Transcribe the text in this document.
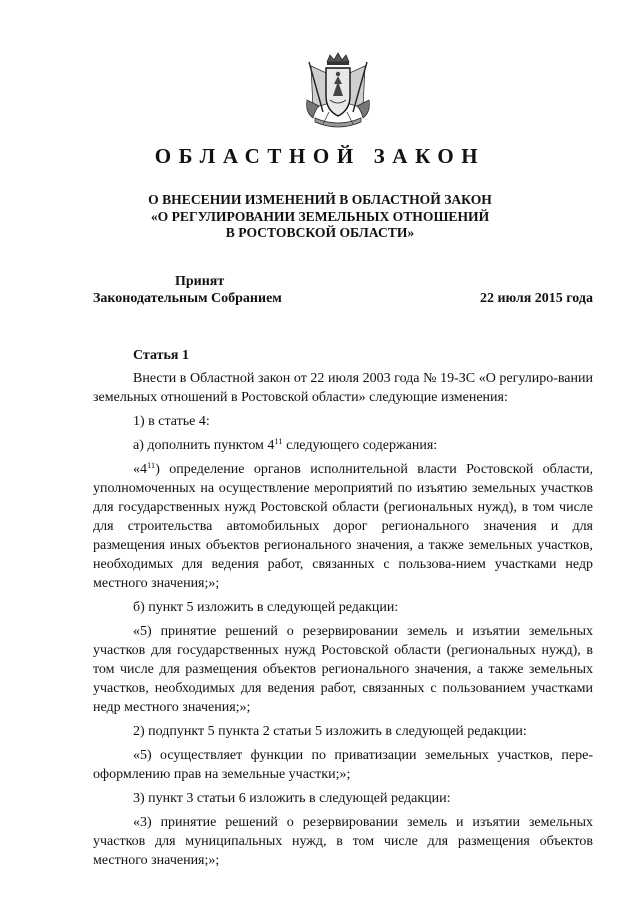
ОБЛАСТНОЙ ЗАКОН
О ВНЕСЕНИИ ИЗМЕНЕНИЙ В ОБЛАСТНОЙ ЗАКОН
«О РЕГУЛИРОВАНИИ ЗЕМЕЛЬНЫХ ОТНОШЕНИЙ
В РОСТОВСКОЙ ОБЛАСТИ»
Принят
Законодательным Собранием	22 июля 2015 года
Статья 1

Внести в Областной закон от 22 июля 2003 года № 19-ЗС «О регулиро-вании земельных отношений в Ростовской области» следующие изменения:

1) в статье 4:

а) дополнить пунктом $4^{11}$ следующего содержания:

«$4^{11}$) определение органов исполнительной власти Ростовской области, уполномоченных на осуществление мероприятий по изъятию земельных участков для государственных нужд Ростовской области (региональных нужд), в том числе для строительства автомобильных дорог регионального значения и для размещения иных объектов регионального значения, а также земельных участков, необходимых для ведения работ, связанных с пользова-нием участками недр местного значения;»;

б) пункт 5 изложить в следующей редакции:

«5) принятие решений о резервировании земель и изъятии земельных участков для государственных нужд Ростовской области (региональных нужд), в том числе для размещения объектов регионального значения, а также земельных участков, необходимых для ведения работ, связанных с пользованием участками недр местного значения;»;

2) подпункт 5 пункта 2 статьи 5 изложить в следующей редакции:

«5) осуществляет функции по приватизации земельных участков, пере-оформлению прав на земельные участки;»;

3) пункт 3 статьи 6 изложить в следующей редакции:

«3) принятие решений о резервировании земель и изъятии земельных участков для муниципальных нужд, в том числе для размещения объектов местного значения;»;
